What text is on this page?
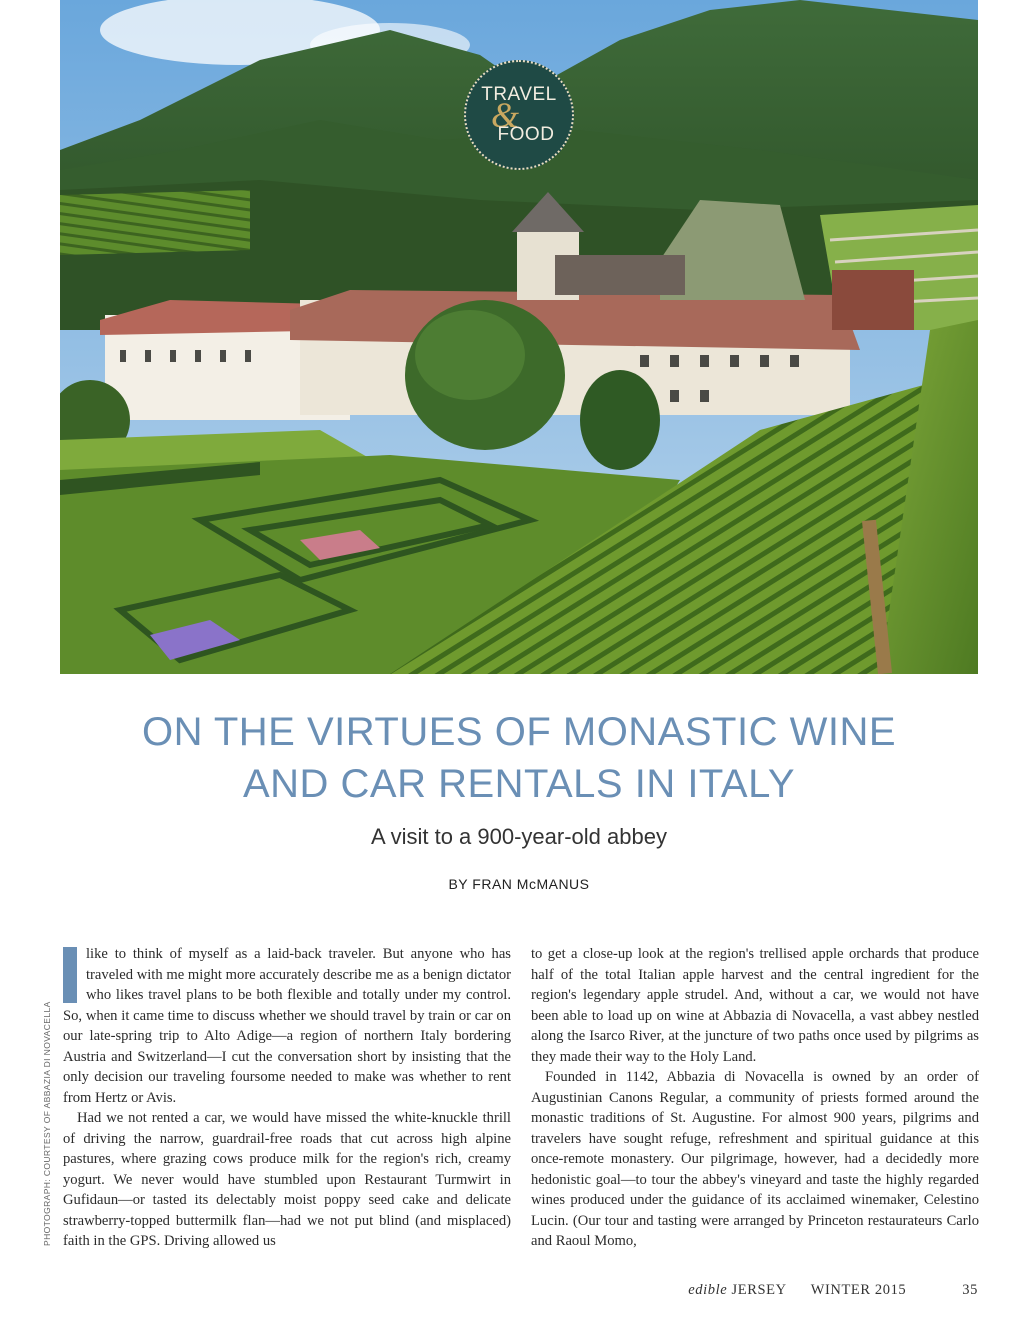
TRAVEL
&
FOOD
ON THE VIRTUES OF MONASTIC WINE
AND CAR RENTALS IN ITALY
A visit to a 900-year-old abbey
BY FRAN McMANUS
PHOTOGRAPH: COURTESY OF ABBAZIA DI NOVACELLA

like to think of myself as a laid-back traveler. But anyone who has traveled with me might more accurately describe me as a benign dictator who likes travel plans to be both flexible and totally under my control. So, when it came time to discuss whether we should travel by train or car on our late-spring trip to Alto Adige—a region of northern Italy bordering Austria and Switzerland—I cut the conversation short by insisting that the only decision our traveling foursome needed to make was whether to rent from Hertz or Avis.

Had we not rented a car, we would have missed the white-knuckle thrill of driving the narrow, guardrail-free roads that cut across high alpine pastures, where grazing cows produce milk for the region's rich, creamy yogurt. We never would have stumbled upon Restaurant Turmwirt in Gufidaun—or tasted its delectably moist poppy seed cake and delicate strawberry-topped buttermilk flan—had we not put blind (and misplaced) faith in the GPS. Driving allowed us

to get a close-up look at the region's trellised apple orchards that produce half of the total Italian apple harvest and the central ingredient for the region's legendary apple strudel. And, without a car, we would not have been able to load up on wine at Abbazia di Novacella, a vast abbey nestled along the Isarco River, at the juncture of two paths once used by pilgrims as they made their way to the Holy Land.

Founded in 1142, Abbazia di Novacella is owned by an order of Augustinian Canons Regular, a community of priests formed around the monastic traditions of St. Augustine. For almost 900 years, pilgrims and travelers have sought refuge, refreshment and spiritual guidance at this once-remote monastery. Our pilgrimage, however, had a decidedly more hedonistic goal—to tour the abbey's vineyard and taste the highly regarded wines produced under the guidance of its acclaimed winemaker, Celestino Lucin. (Our tour and tasting were arranged by Princeton restaurateurs Carlo and Raoul Momo,

edible
JERSEY WINTER 2015	35
